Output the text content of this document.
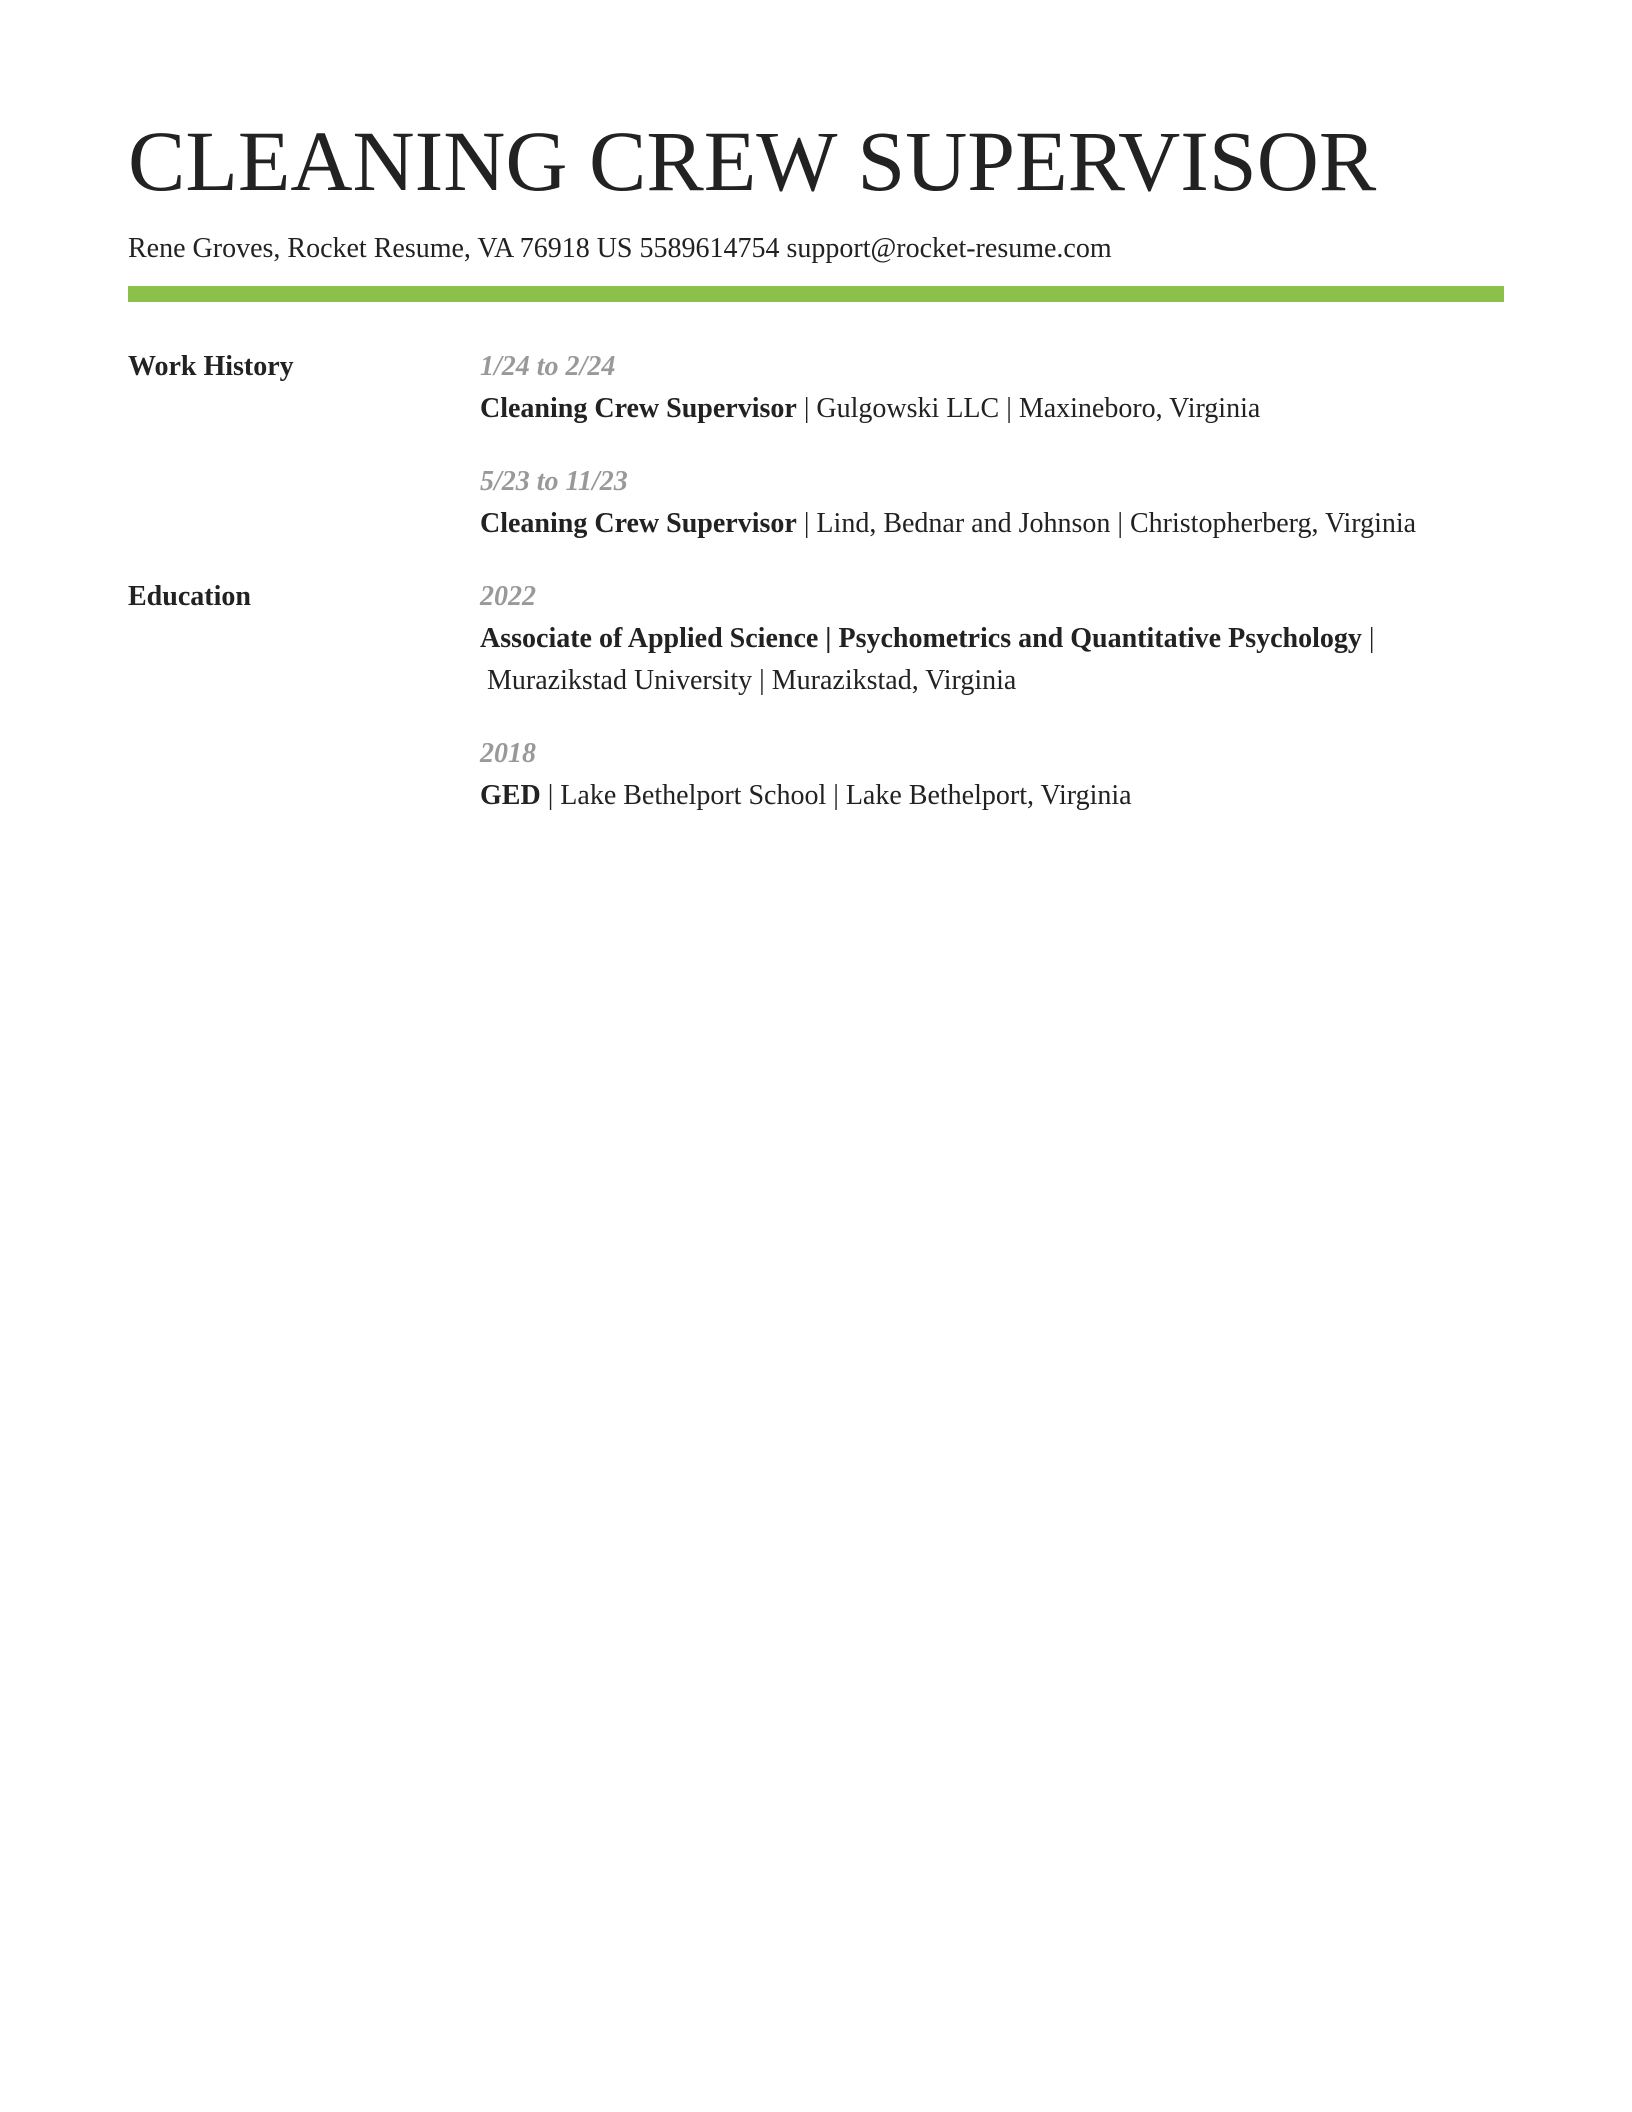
CLEANING CREW SUPERVISOR
Rene Groves, Rocket Resume, VA 76918 US 5589614754 support@rocket-resume.com
Work History	1/24 to 2/24
Cleaning Crew Supervisor | Gulgowski LLC | Maxineboro, Virginia
5/23 to 11/23
Cleaning Crew Supervisor | Lind, Bednar and Johnson | Christopherberg, Virginia
Education	2022
Associate of Applied Science | Psychometrics and Quantitative Psychology |
Murazikstad University | Murazikstad, Virginia
2018
GED | Lake Bethelport School | Lake Bethelport, Virginia
